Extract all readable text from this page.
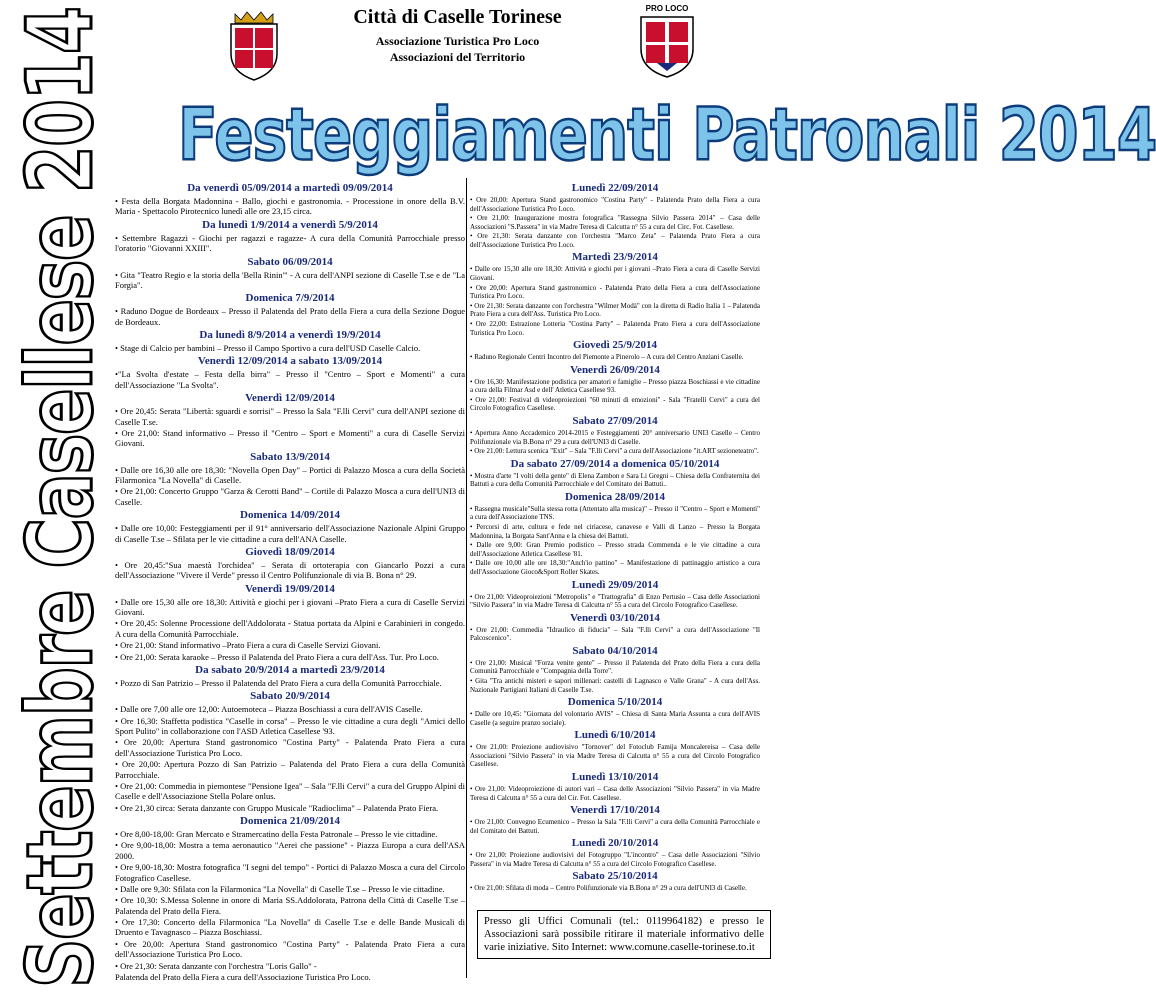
Settembre Casellese 2014	Città di Caselle Torinese
Associazione Turistica Pro Loco
Associazioni del Territorio
PRO LOCO
Festeggiamenti Patronali 2014
Da venerdì 05/09/2014 a martedì 09/09/2014

• Festa della Borgata Madonnina - Ballo, giochi e gastronomia. - Processione in onore della B.V. Maria - Spettacolo Pirotecnico lunedì alle ore 23,15 circa.

Da lunedì 1/9/2014 a venerdì 5/9/2014

• Settembre Ragazzi - Giochi per ragazzi e ragazze- A cura della Comunità Parrocchiale presso l'oratorio "Giovanni XXIII".

Sabato 06/09/2014

• Gita "Teatro Regio e la storia della 'Bella Rinin'" - A cura dell'ANPI sezione di Caselle T.se e de "La Forgia".

Domenica 7/9/2014

• Raduno Dogue de Bordeaux – Presso il Palatenda del Prato della Fiera a cura della Sezione Dogue de Bordeaux.

Da lunedì 8/9/2014 a venerdì 19/9/2014

• Stage di Calcio per bambini – Presso il Campo Sportivo a cura dell'USD Caselle Calcio.

Venerdì 12/09/2014 a sabato 13/09/2014

•"La Svolta d'estate – Festa della birra" – Presso il "Centro – Sport e Momenti" a cura dell'Associazione "La Svolta".

Venerdì 12/09/2014

• Ore 20,45: Serata "Libertà: sguardi e sorrisi" – Presso la Sala "F.lli Cervi" cura dell'ANPI sezione di Caselle T.se.

• Ore 21,00: Stand informativo – Presso il "Centro – Sport e Momenti" a cura di Caselle Servizi Giovani.

Sabato 13/9/2014

• Dalle ore 16,30 alle ore 18,30: "Novella Open Day" – Portici di Palazzo Mosca a cura della Società Filarmonica "La Novella" di Caselle.

• Ore 21,00: Concerto Gruppo "Garza & Cerotti Band" – Cortile di Palazzo Mosca a cura dell'UNI3 di Caselle.

Domenica 14/09/2014

• Dalle ore 10,00: Festeggiamenti per il 91° anniversario dell'Associazione Nazionale Alpini Gruppo di Caselle T.se – Sfilata per le vie cittadine a cura dell'ANA Caselle.

Giovedì 18/09/2014

• Ore 20,45:"Sua maestà l'orchidea" – Serata di ortoterapia con Giancarlo Pozzi a cura dell'Associazione "Vivere il Verde" presso il Centro Polifunzionale di via B. Bona n° 29.

Venerdì 19/09/2014

• Dalle ore 15,30 alle ore 18,30: Attività e giochi per i giovani –Prato Fiera a cura di Caselle Servizi Giovani.

• Ore 20,45: Solenne Processione dell'Addolorata - Statua portata da Alpini e Carabinieri in congedo. A cura della Comunità Parrocchiale.

• Ore 21,00: Stand informativo –Prato Fiera a cura di Caselle Servizi Giovani.

• Ore 21,00: Serata karaoke – Presso il Palatenda del Prato Fiera a cura dell'Ass. Tur. Pro Loco.

Da sabato 20/9/2014 a martedì 23/9/2014

• Pozzo di San Patrizio – Presso il Palatenda del Prato Fiera a cura della Comunità Parrocchiale.

Sabato 20/9/2014

• Dalle ore 7,00 alle ore 12,00: Autoemoteca – Piazza Boschiassi a cura dell'AVIS Caselle.

• Ore 16,30: Staffetta podistica "Caselle in corsa" – Presso le vie cittadine a cura degli "Amici dello Sport Pulito" in collaborazione con l'ASD Atletica Casellese '93.

• Ore 20,00: Apertura Stand gastronomico "Costina Party" - Palatenda Prato Fiera a cura dell'Associazione Turistica Pro Loco.

• Ore 20,00: Apertura Pozzo di San Patrizio – Palatenda del Prato Fiera a cura della Comunità Parrocchiale.

• Ore 21,00: Commedia in piemontese "Pensione Igea" – Sala "F.lli Cervi" a cura del Gruppo Alpini di Caselle e dell'Associazione Stella Polare onlus.

• Ore 21,30 circa: Serata danzante con Gruppo Musicale "Radioclima" – Palatenda Prato Fiera.

Domenica 21/09/2014

• Ore 8,00-18,00: Gran Mercato e Stramercatino della Festa Patronale – Presso le vie cittadine.

• Ore 9,00-18,00: Mostra a tema aeronautico "Aerei che passione" - Piazza Europa a cura dell'ASA 2000.

• Ore 9,00-18,30: Mostra fotografica "I segni del tempo" - Portici di Palazzo Mosca a cura del Circolo Fotografico Casellese.

• Dalle ore 9,30: Sfilata con la Filarmonica "La Novella" di Caselle T.se – Presso le vie cittadine.

• Ore 10,30: S.Messa Solenne in onore di Maria SS.Addolorata, Patrona della Città di Caselle T.se – Palatenda del Prato della Fiera.

• Ore 17,30: Concerto della Filarmonica "La Novella" di Caselle T.se e delle Bande Musicali di Druento e Tavagnasco – Piazza Boschiassi.

• Ore 20,00: Apertura Stand gastronomico "Costina Party" - Palatenda Prato Fiera a cura dell'Associazione Turistica Pro Loco.

• Ore 21,30: Serata danzante con l'orchestra "Loris Gallo" -

Palatenda del Prato della Fiera a cura dell'Associazione Turistica Pro Loco.

Lunedì 22/09/2014

• Ore 20,00: Apertura Stand gastronomico "Costina Party" - Palatenda Prato della Fiera a cura dell'Associazione Turistica Pro Loco.

• Ore 21,00: Inaugurazione mostra fotografica "Rassegna Silvio Passera 2014" – Casa delle Associazioni "S.Passera" in via Madre Teresa di Calcutta n° 55 a cura del Circ. Fot. Casellese.

• Ore 21,30: Serata danzante con l'orchestra "Marco Zeta" – Palatenda Prato Fiera a cura dell'Associazione Turistica Pro Loco.

Martedì 23/9/2014

• Dalle ore 15,30 alle ore 18,30: Attività e giochi per i giovani –Prato Fiera a cura di Caselle Servizi Giovani.

• Ore 20,00: Apertura Stand gastronomico - Palatenda Prato della Fiera a cura dell'Associazione Turistica Pro Loco.

• Ore 21,30: Serata danzante con l'orchestra "Wilmer Modà" con la diretta di Radio Italia 1 – Palatenda Prato Fiera a cura dell'Ass. Turistica Pro Loco.

• Ore 22,00: Estrazione Lotteria "Costina Party" – Palatenda Prato Fiera a cura dell'Associazione Turistica Pro Loco.

Giovedì 25/9/2014

• Raduno Regionale Centri Incontro del Piemonte a Pinerolo – A cura del Centro Anziani Caselle.

Venerdì 26/09/2014

• Ore 16,30: Manifestazione podistica per amatori e famiglie – Presso piazza Boschiassi e vie cittadine a cura della Filmar Asd e dell' Atletica Casellese 93.

• Ore 21,00: Festival di videoproiezioni "60 minuti di emozioni" - Sala "Fratelli Cervi" a cura del Circolo Fotografico Casellese.

Sabato 27/09/2014

• Apertura Anno Accademico 2014-2015 e Festeggiamenti 20° anniversario UNI3 Caselle – Centro Polifunzionale via B.Bona n° 29 a cura dell'UNI3 di Caselle.

• Ore 21,00: Lettura scenica "Exit" – Sala "F.lli Cervi" a cura dell'Associazione "it.ART sezioneteatro".

Da sabato 27/09/2014 a domenica 05/10/2014

• Mostra d'arte "I volti della gente" di Elena Zambon e Sara Li Gregni – Chiesa della Confraternita dei Battuti a cura della Comunità Parrocchiale e del Comitato dei Battuti..

Domenica 28/09/2014

• Rassegna musicale"Sulla stessa rotta (Attentato alla musica)" – Presso il "Centro – Sport e Momenti" a cura dell'Associazione TNS.

• Percorsi di arte, cultura e fede nel ciriacese, canavese e Valli di Lanzo – Presso la Borgata Madonnina, la Borgata Sant'Anna e la chiesa dei Battuti.

• Dalle ore 9,00: Gran Premio podistico – Presso strada Commenda e le vie cittadine a cura dell'Associazione Atletica Casellese '81.

• Dalle ore 10,00 alle ore 18,30:"Anch'io pattino" – Manifestazione di pattinaggio artistico a cura dell'Associazione Gioco&Sport Roller Skates.

Lunedì 29/09/2014

• Ore 21,00: Videoproiezioni "Metropolis" e "Trattografia" di Enzo Pertusio – Casa delle Associazioni "Silvio Passera" in via Madre Teresa di Calcutta n° 55 a cura del Circolo Fotografico Casellese.

Venerdì 03/10/2014

• Ore 21,00: Commedia "Idraulico di fiducia" – Sala "F.lli Cervi" a cura dell'Associazione "Il Palcoscenico".

Sabato 04/10/2014

• Ore 21,00: Musical "Forza venite gente" – Presso il Palatenda del Prato della Fiera a cura della Comunità Parrocchiale e "Compagnia della Torre".

• Gita "Tra antichi misteri e sapori millenari: castelli di Lagnasco e Valle Grana" - A cura dell'Ass. Nazionale Partigiani Italiani di Caselle T.se.

Domenica 5/10/2014

• Dalle ore 10,45: "Giornata del volontario AVIS" – Chiesa di Santa Maria Assunta a cura dell'AVIS Caselle (a seguire pranzo sociale).

Lunedì 6/10/2014

• Ore 21,00: Proiezione audiovisivo "Tornover" del Fotoclub Famija Moncalereisa – Casa delle Associazioni "Silvio Passera" in via Madre Teresa di Calcutta n° 55 a cura del Circolo Fotografico Casellese.

Lunedì 13/10/2014

• Ore 21,00: Videoproiezione di autori vari – Casa delle Associazioni "Silvio Passera" in via Madre Teresa di Calcutta n° 55 a cura del Cir. Fot. Casellese.

Venerdì 17/10/2014

• Ore 21,00: Convegno Ecumenico – Presso la Sala "F.lli Cervi" a cura della Comunità Parrocchiale e del Comitato dei Battuti.

Lunedì 20/10/2014

• Ore 21,00: Proiezione audiovisivi del Fotogruppo "L'incontro" – Casa delle Associazioni "Silvio Passera" in via Madre Teresa di Calcutta n° 55 a cura del Circolo Fotografico Casellese.

Sabato 25/10/2014

• Ore 21,00: Sfilata di moda – Centro Polifunzionale via B.Bona n° 29 a cura dell'UNI3 di Caselle.

Presso gli Uffici Comunali (tel.: 0119964182) e presso le Associazioni sarà possibile ritirare il materiale informativo delle varie iniziative. Sito Internet: www.comune.caselle-torinese.to.it
